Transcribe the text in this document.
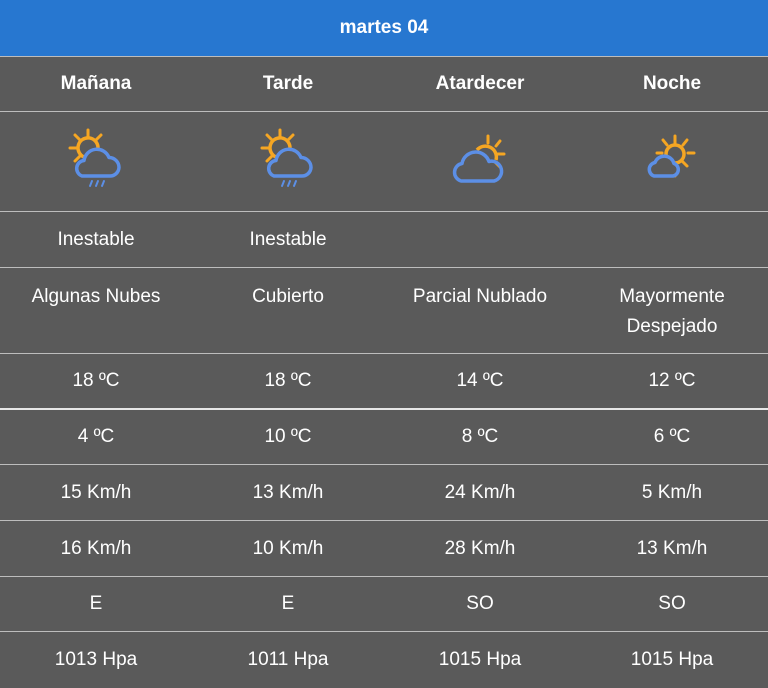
martes 04
Mañana	Tarde	Atardecer	Noche
Inestable	Inestable
Algunas Nubes	Cubierto	Parcial Nublado	Mayormente Despejado
18 ºC	18 ºC	14 ºC	12 ºC
4 ºC	10 ºC	8 ºC	6 ºC
15 Km/h	13 Km/h	24 Km/h	5 Km/h
16 Km/h	10 Km/h	28 Km/h	13 Km/h
E	E	SO	SO
1013 Hpa	1011 Hpa	1015 Hpa	1015 Hpa
